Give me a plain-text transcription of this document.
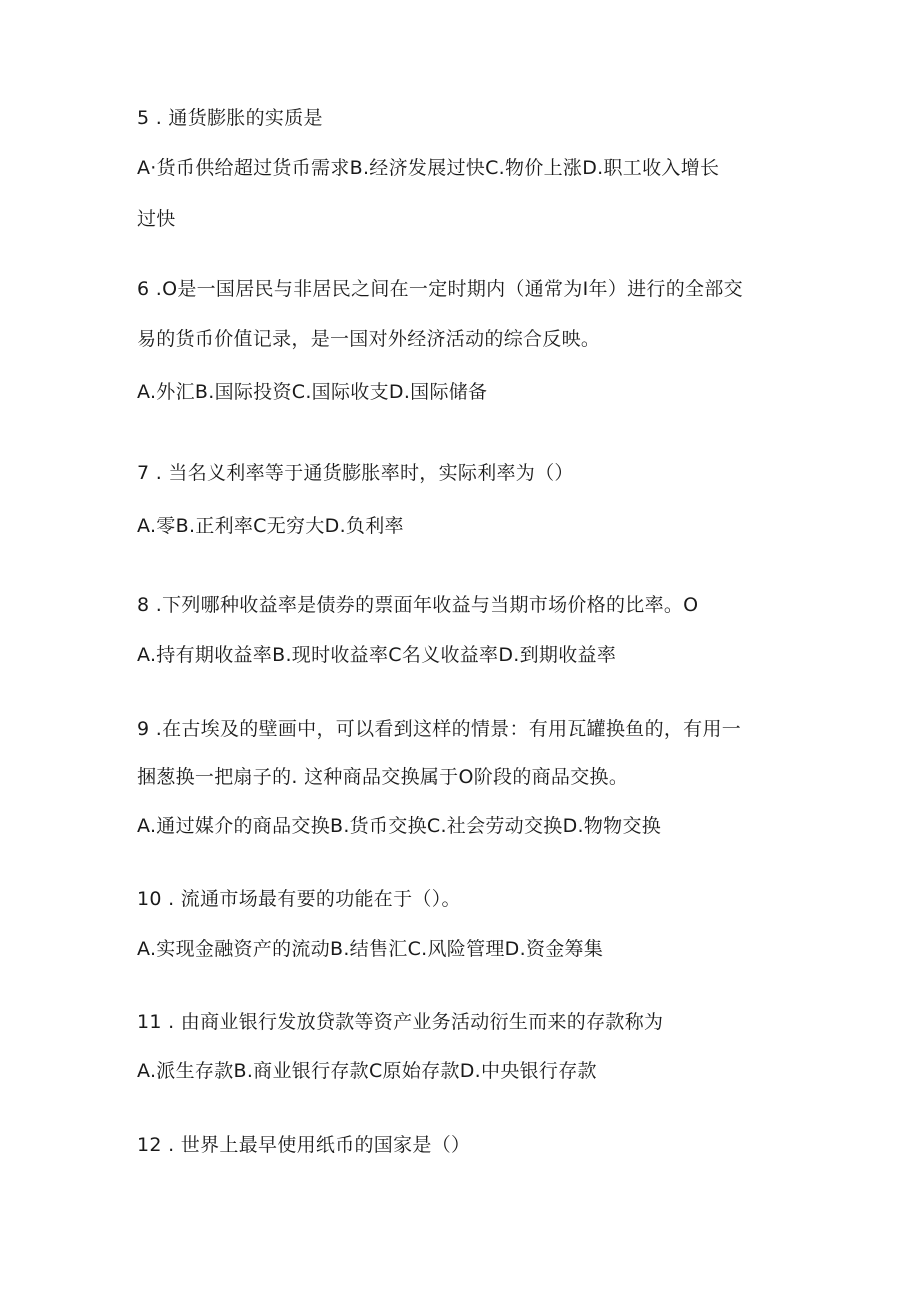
5 . 通货膨胀的实质是
A·货币供给超过货币需求B.经济发展过快C.物价上涨D.职工收入增长
过快
6 .O是一国居民与非居民之间在一定时期内（通常为I年）进行的全部交
易的货币价值记录，是一国对外经济活动的综合反映。
A.外汇B.国际投资C.国际收支D.国际储备
7 . 当名义利率等于通货膨胀率时，实际利率为（）
A.零B.正利率C无穷大D.负利率
8 .下列哪种收益率是债券的票面年收益与当期市场价格的比率。O
A.持有期收益率B.现时收益率C名义收益率D.到期收益率
9 .在古埃及的壁画中，可以看到这样的情景：有用瓦罐换鱼的，有用一
捆葱换一把扇子的. 这种商品交换属于O阶段的商品交换。
A.通过媒介的商品交换B.货币交换C.社会劳动交换D.物物交换
10 . 流通市场最有要的功能在于（）。
A.实现金融资产的流动B.结售汇C.风险管理D.资金筹集
11 . 由商业银行发放贷款等资产业务活动衍生而来的存款称为
A.派生存款B.商业银行存款C原始存款D.中央银行存款
12 . 世界上最早使用纸币的国家是（）
